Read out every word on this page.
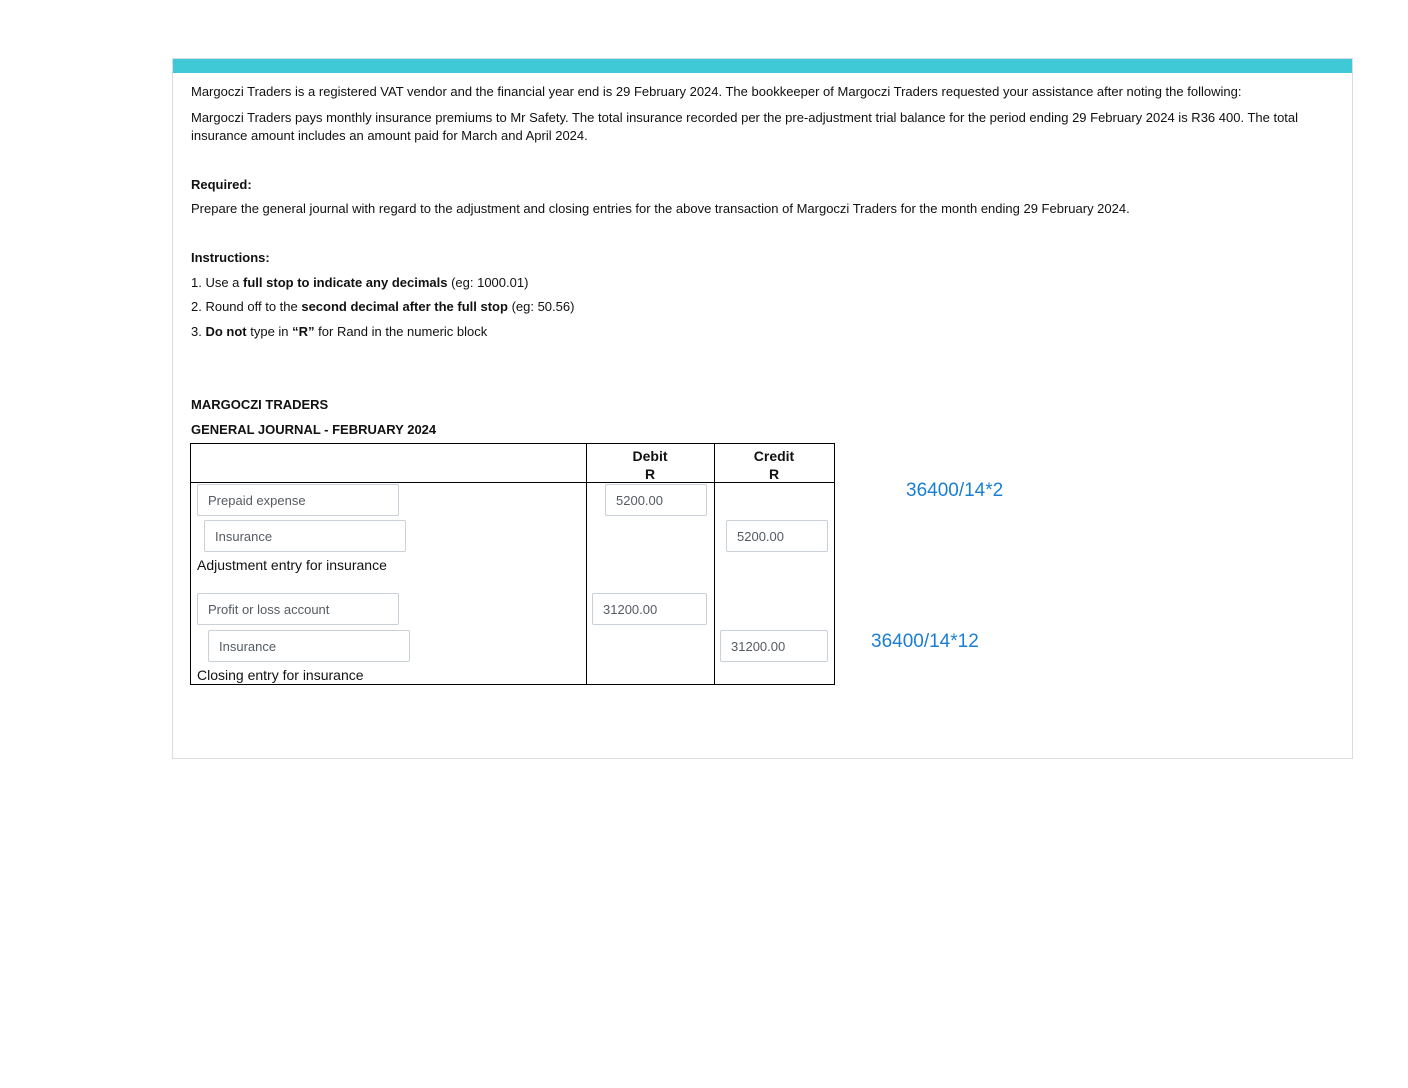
Margoczi Traders is a registered VAT vendor and the financial year end is 29 February 2024. The bookkeeper of Margoczi Traders requested your assistance after noting the following:

Margoczi Traders pays monthly insurance premiums to Mr Safety. The total insurance recorded per the pre-adjustment trial balance for the period ending 29 February 2024 is R36 400. The total insurance amount includes an amount paid for March and April 2024.

Required:

Prepare the general journal with regard to the adjustment and closing entries for the above transaction of Margoczi Traders for the month ending 29 February 2024.

Instructions:

1. Use a full stop to indicate any decimals (eg: 1000.01)

2. Round off to the second decimal after the full stop (eg: 50.56)

3. Do not type in “R” for Rand in the numeric block

MARGOCZI TRADERS

GENERAL JOURNAL - FEBRUARY 2024

Debit
R
Credit
R
Prepaid expense
5200.00
Insurance
5200.00
Adjustment entry for insurance
Profit or loss account
31200.00
Insurance
31200.00
Closing entry for insurance
36400/14*2
36400/14*12
